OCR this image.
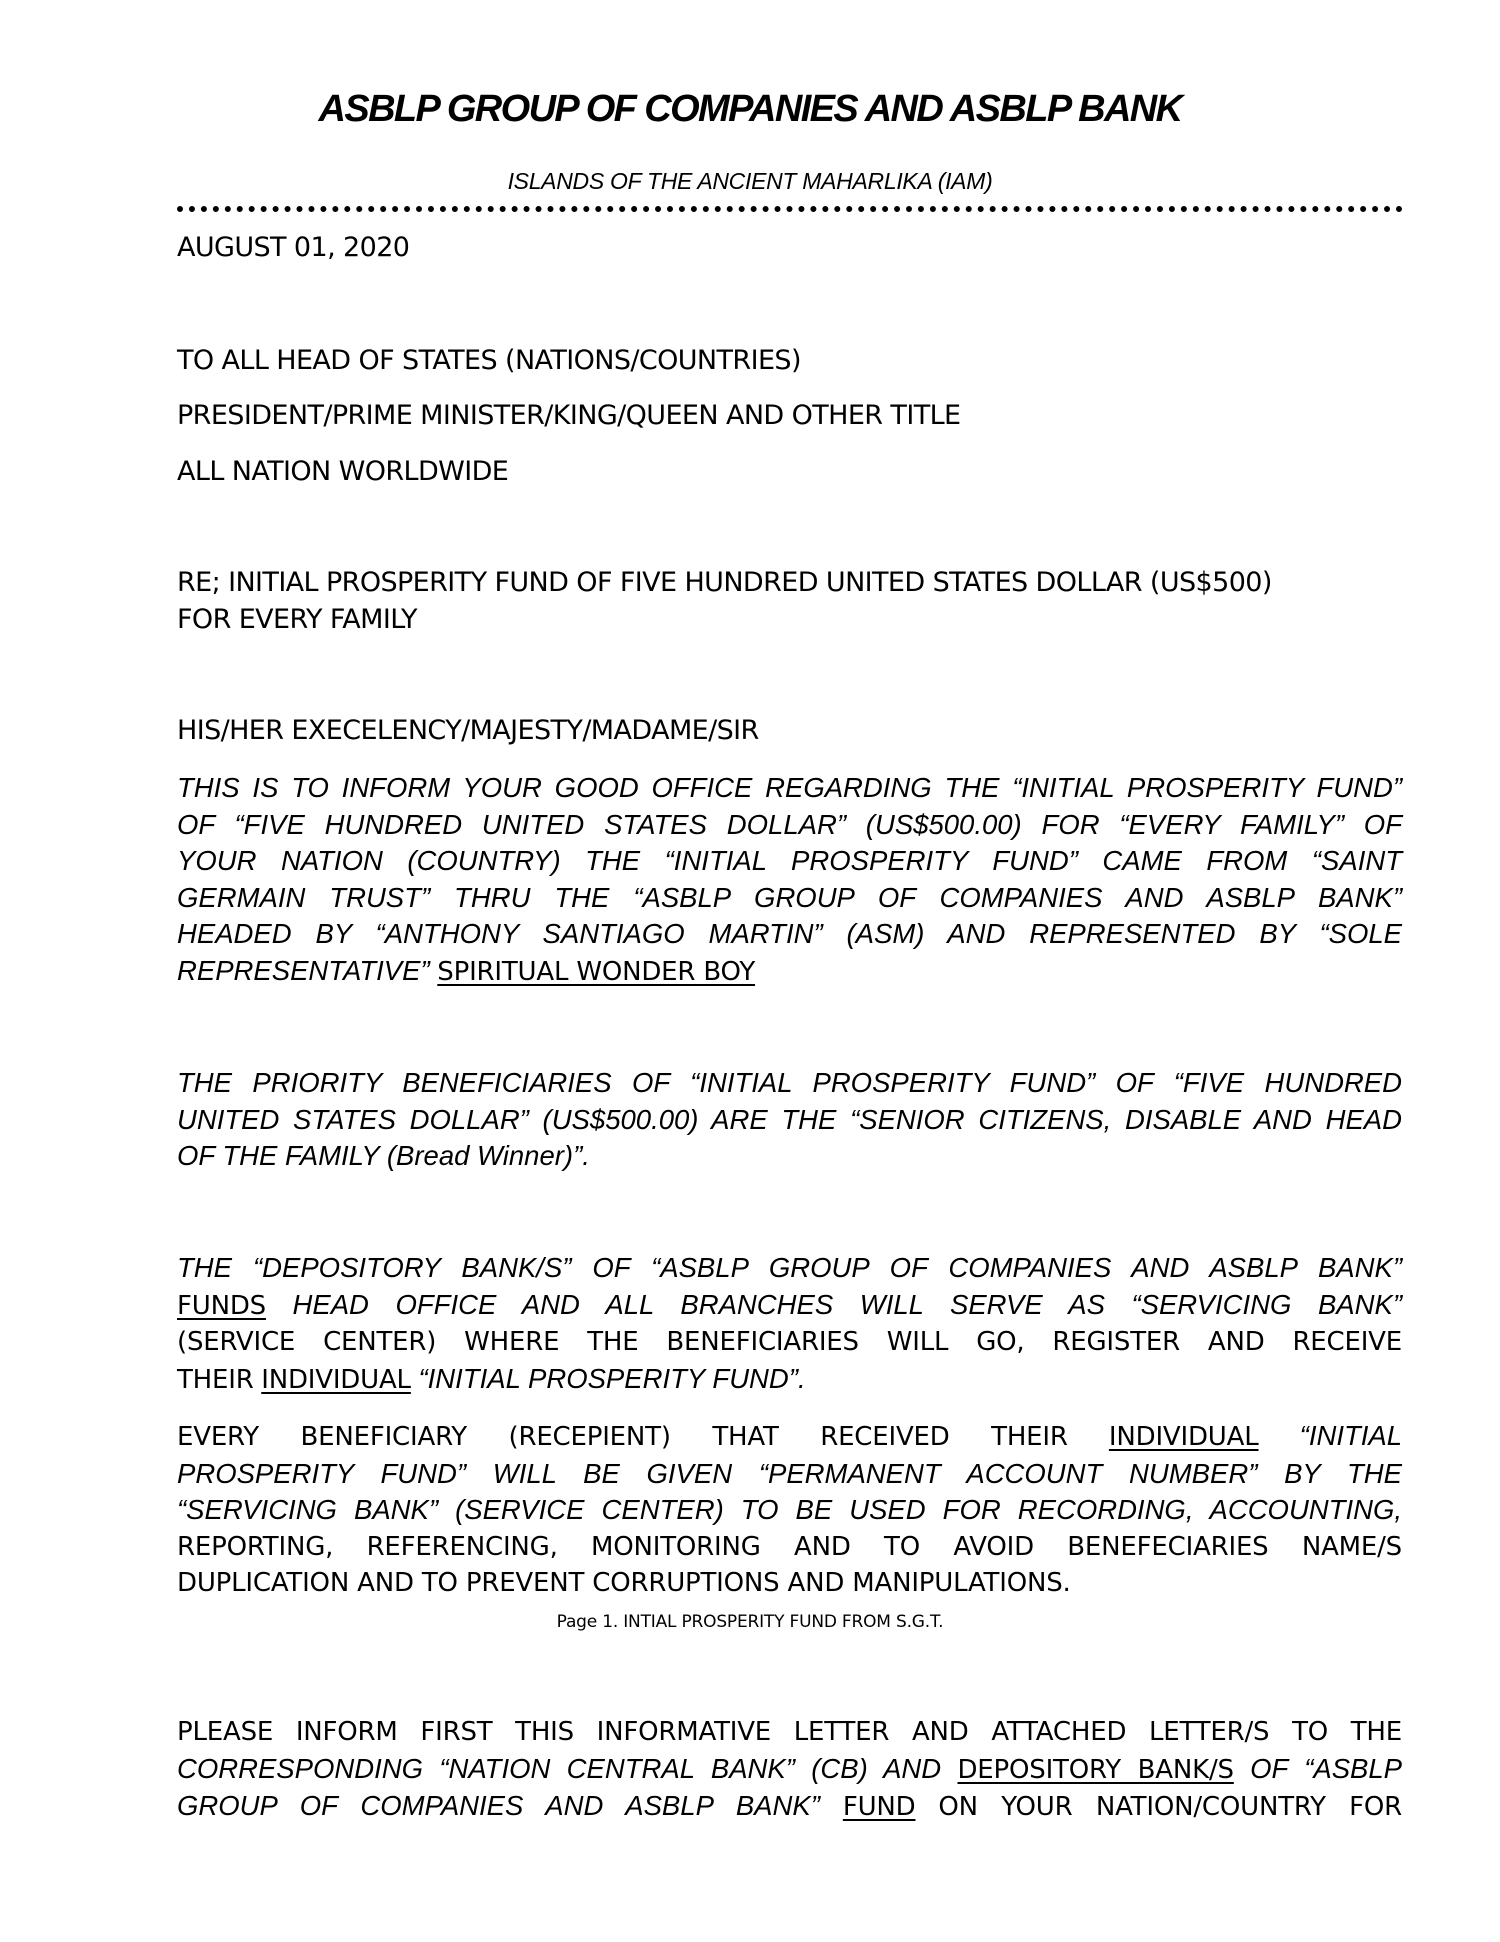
ASBLP GROUP OF COMPANIES AND ASBLP BANK
ISLANDS OF THE ANCIENT MAHARLIKA (IAM)
AUGUST 01, 2020
TO ALL HEAD OF STATES (NATIONS/COUNTRIES)
PRESIDENT/PRIME MINISTER/KING/QUEEN AND OTHER TITLE
ALL NATION WORLDWIDE
RE; INITIAL PROSPERITY FUND OF FIVE HUNDRED UNITED STATES DOLLAR (US$500)
FOR EVERY FAMILY
HIS/HER EXECELENCY/MAJESTY/MADAME/SIR
THIS IS TO INFORM YOUR GOOD OFFICE REGARDING THE “INITIAL PROSPERITY FUND”
OF “FIVE HUNDRED UNITED STATES DOLLAR” (US$500.00) FOR “EVERY FAMILY” OF
YOUR NATION (COUNTRY) THE “INITIAL PROSPERITY FUND” CAME FROM “SAINT
GERMAIN TRUST” THRU THE “ASBLP GROUP OF COMPANIES AND ASBLP BANK”
HEADED BY “ANTHONY SANTIAGO MARTIN” (ASM) AND REPRESENTED BY “SOLE
REPRESENTATIVE” SPIRITUAL WONDER BOY
THE PRIORITY BENEFICIARIES OF “INITIAL PROSPERITY FUND” OF “FIVE HUNDRED
UNITED STATES DOLLAR” (US$500.00) ARE THE “SENIOR CITIZENS, DISABLE AND HEAD
OF THE FAMILY (Bread Winner)”.
THE “DEPOSITORY BANK/S” OF “ASBLP GROUP OF COMPANIES AND ASBLP BANK”
FUNDS HEAD OFFICE AND ALL BRANCHES WILL SERVE AS “SERVICING BANK”
(SERVICE CENTER) WHERE THE BENEFICIARIES WILL GO, REGISTER AND RECEIVE
THEIR INDIVIDUAL “INITIAL PROSPERITY FUND”.
EVERY BENEFICIARY (RECEPIENT) THAT RECEIVED THEIR INDIVIDUAL “INITIAL
PROSPERITY FUND” WILL BE GIVEN “PERMANENT ACCOUNT NUMBER” BY THE
“SERVICING BANK” (SERVICE CENTER) TO BE USED FOR RECORDING, ACCOUNTING,
REPORTING, REFERENCING, MONITORING AND TO AVOID BENEFECIARIES NAME/S
DUPLICATION AND TO PREVENT CORRUPTIONS AND MANIPULATIONS.
Page 1. INTIAL PROSPERITY FUND FROM S.G.T.
PLEASE INFORM FIRST THIS INFORMATIVE LETTER AND ATTACHED LETTER/S TO THE
CORRESPONDING “NATION CENTRAL BANK” (CB) AND DEPOSITORY BANK/S OF “ASBLP
GROUP OF COMPANIES AND ASBLP BANK” FUND ON YOUR NATION/COUNTRY FOR
